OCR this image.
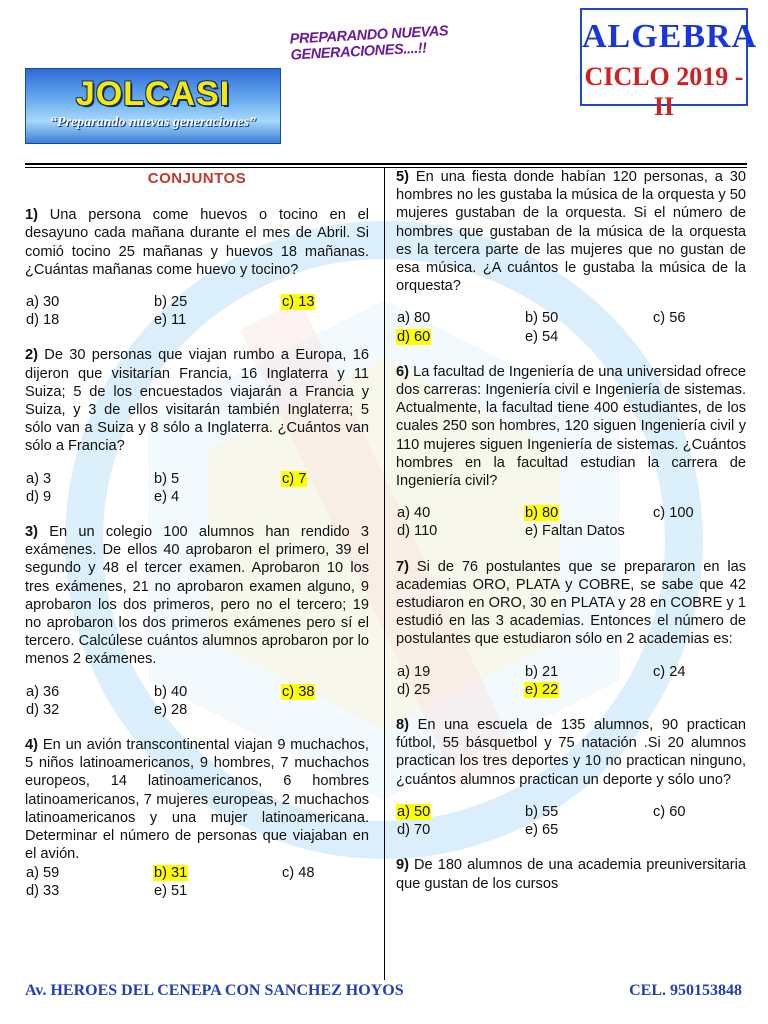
PREPARANDO NUEVAS GENERACIONES....!!
JOLCASI
“Preparando nuevas generaciones”
ALGEBRA
CICLO 2019 - II
CONJUNTOS

1) Una persona come huevos o tocino en el desayuno cada mañana durante el mes de Abril. Si comió tocino 25 mañanas y huevos 18 mañanas. ¿Cuántas mañanas come huevo y tocino?

a) 30	b) 25	c) 13
d) 18	e) 11

2) De 30 personas que viajan rumbo a Europa, 16 dijeron que visitarían Francia, 16 Inglaterra y 11 Suiza; 5 de los encuestados viajarán a Francia y Suiza, y 3 de ellos visitarán también Inglaterra; 5 sólo van a Suiza y 8 sólo a Inglaterra. ¿Cuántos van sólo a Francia?

a) 3	b) 5	c) 7
d) 9	e) 4

3) En un colegio 100 alumnos han rendido 3 exámenes. De ellos 40 aprobaron el primero, 39 el segundo y 48 el tercer examen. Aprobaron 10 los tres exámenes, 21 no aprobaron examen alguno, 9 aprobaron los dos primeros, pero no el tercero; 19 no aprobaron los dos primeros exámenes pero sí el tercero. Calcúlese cuántos alumnos aprobaron por lo menos 2 exámenes.

a) 36	b) 40	c) 38
d) 32	e) 28

4) En un avión transcontinental viajan 9 muchachos, 5 niños latinoamericanos, 9 hombres, 7 muchachos europeos, 14 latinoamericanos, 6 hombres latinoamericanos, 7 mujeres europeas, 2 muchachos latinoamericanos y una mujer latinoamericana. Determinar el número de personas que viajaban en el avión.

a) 59	b) 31	c) 48
d) 33	e) 51

5) En una fiesta donde habían 120 personas, a 30 hombres no les gustaba la música de la orquesta y 50 mujeres gustaban de la orquesta. Si el número de hombres que gustaban de la música de la orquesta es la tercera parte de las mujeres que no gustan de esa música. ¿A cuántos le gustaba la música de la orquesta?

a) 80	b) 50	c) 56
d) 60	e) 54

6) La facultad de Ingeniería de una universidad ofrece dos carreras: Ingeniería civil e Ingeniería de sistemas. Actualmente, la facultad tiene 400 estudiantes, de los cuales 250 son hombres, 120 siguen Ingeniería civil y 110 mujeres siguen Ingeniería de sistemas. ¿Cuántos hombres en la facultad estudian la carrera de Ingeniería civil?

a) 40	b) 80	c) 100
d) 110	e) Faltan Datos

7) Si de 76 postulantes que se prepararon en las academias ORO, PLATA y COBRE, se sabe que 42 estudiaron en ORO, 30 en PLATA y 28 en COBRE y 1 estudió en las 3 academias. Entonces el número de postulantes que estudiaron sólo en 2 academias es:

a) 19	b) 21	c) 24
d) 25	e) 22

8) En una escuela de 135 alumnos, 90 practican fútbol, 55 básquetbol y 75 natación .Si 20 alumnos practican los tres deportes y 10 no practican ninguno, ¿cuántos alumnos practican un deporte y sólo uno?

a) 50	b) 55	c) 60
d) 70	e) 65

9) De 180 alumnos de una academia preuniversitaria que gustan de los cursos

Av. HEROES DEL CENEPA CON SANCHEZ HOYOS	CEL. 950153848
